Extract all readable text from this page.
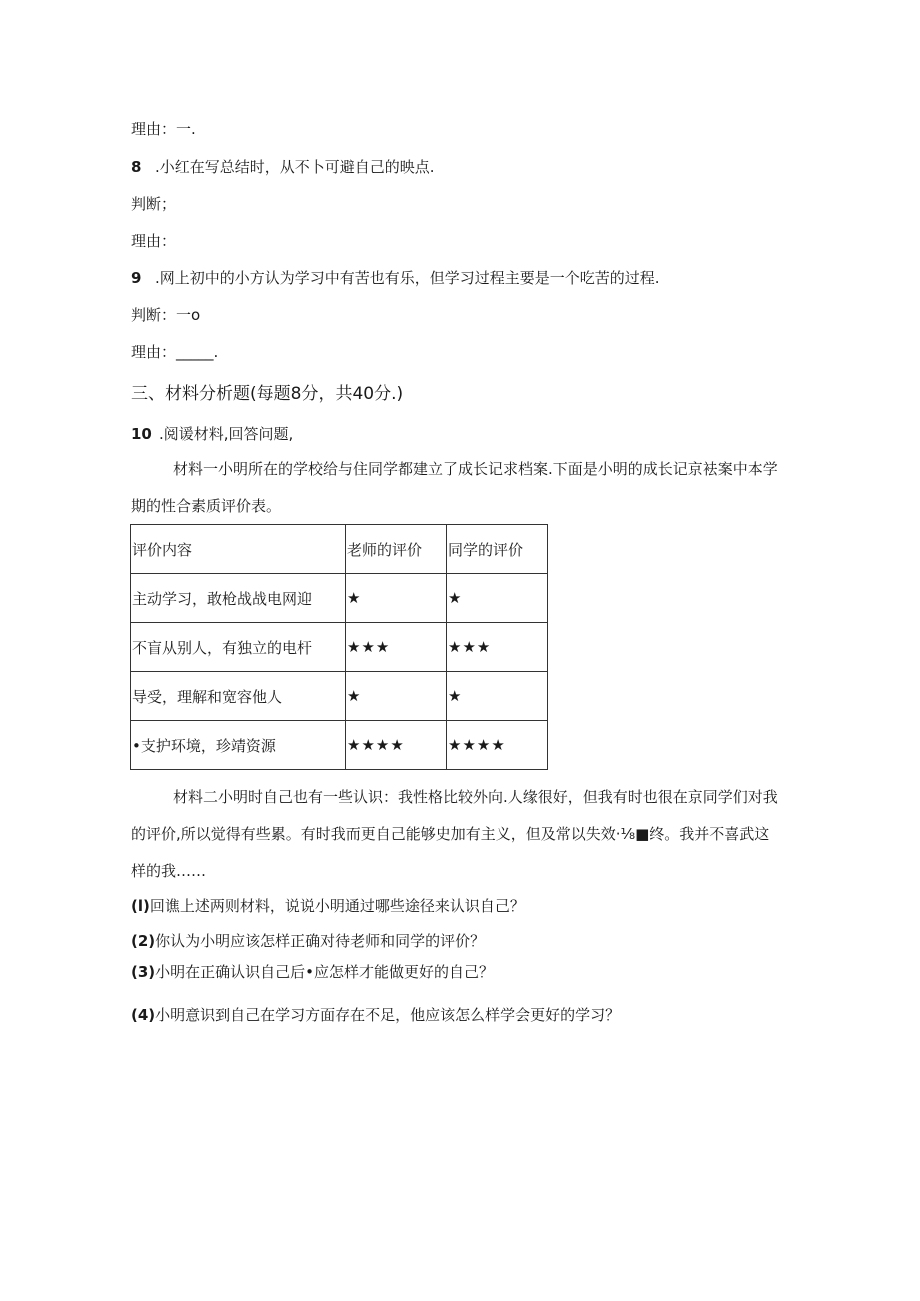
理由：一.
8 .小红在写总结时，从不卜可避自己的映点.
判断；
理由：
9 .网上初中的小方认为学习中有苦也有乐，但学习过程主要是一个吃苦的过程.
判断：一o
理由：_____.
三、材料分析题(每题8分，共40分.)
10 .阅谖材料,回答问题,
材料一小明所在的学校给与住同学都建立了成长记求档案.下面是小明的成长记京袪案中本学期的性合素质评价表。
评价内容	老师的评价	同学的评价
主动学习，敢枪战战电网迎	★	★
不盲从别人，有独立的电杆	★★★	★★★
导受，理解和宽容他人	★	★
•支护环境，珍靖资源	★★★★	★★★★
材料二小明时自己也有一些认识：我性格比较外向.人缘很好，但我有时也很在京同学们对我的评价,所以觉得有些累。有时我而更自己能够史加有主义，但及常以失效·⅛■终。我并不喜武这样的我……
(l)回谯上述两则材料，说说小明通过哪些途径来认识自己？
(2)你认为小明应该怎样正确对待老师和同学的评价？
(3)小明在正确认识自己后•应怎样才能做更好的自己？
(4)小明意识到自己在学习方面存在不足，他应该怎么样学会更好的学习？
